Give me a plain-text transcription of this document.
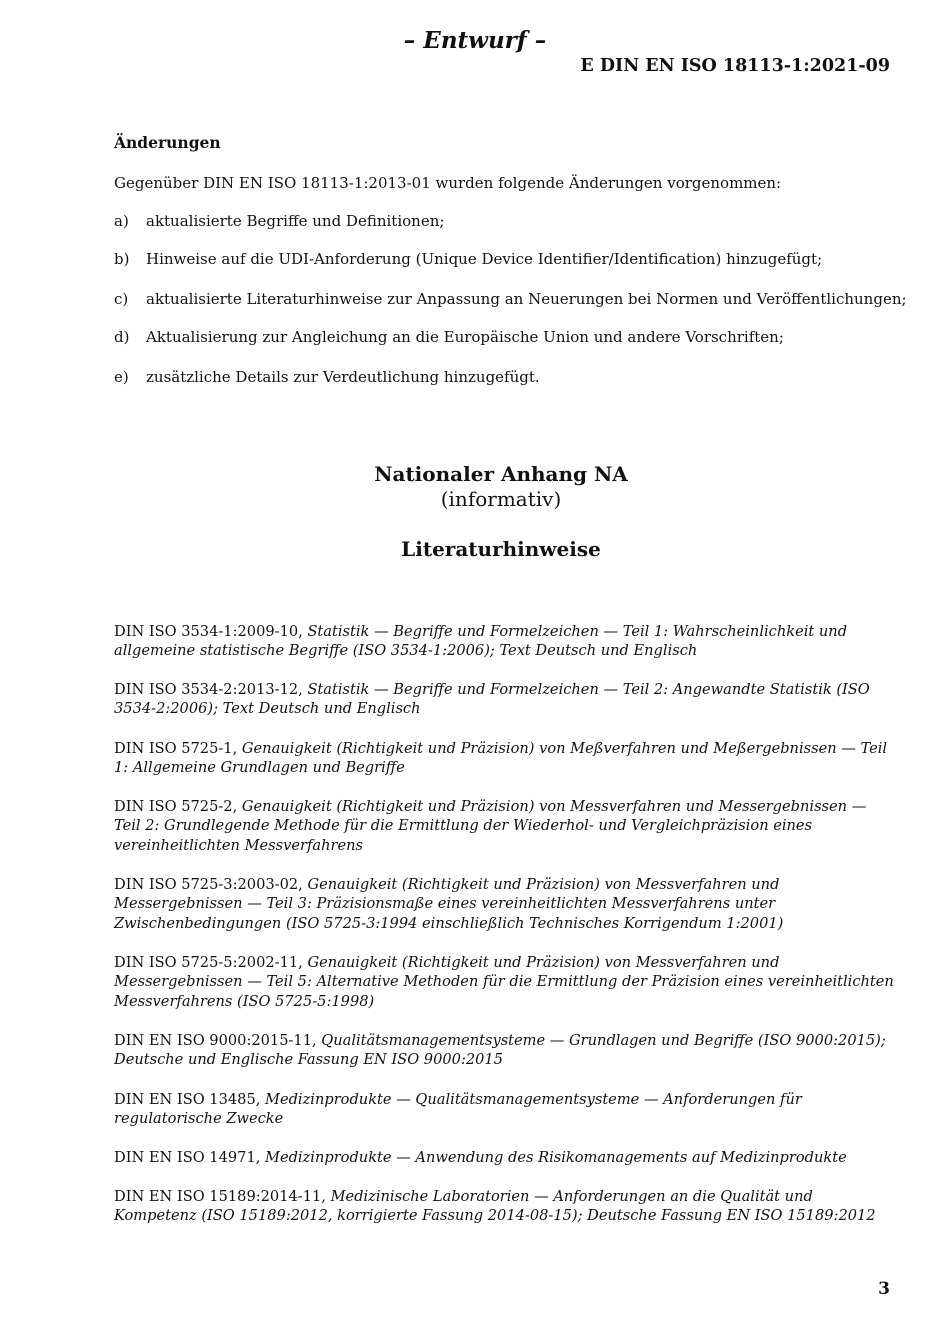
– Entwurf –
E DIN EN ISO 18113-1:2021-09
Änderungen
Gegenüber DIN EN ISO 18113-1:2013-01 wurden folgende Änderungen vorgenommen:
a) aktualisierte Begriffe und Definitionen;
b) Hinweise auf die UDI-Anforderung (Unique Device Identifier/Identification) hinzugefügt;
c) aktualisierte Literaturhinweise zur Anpassung an Neuerungen bei Normen und Veröffentlichungen;
d) Aktualisierung zur Angleichung an die Europäische Union und andere Vorschriften;
e) zusätzliche Details zur Verdeutlichung hinzugefügt.
Nationaler Anhang NA
(informativ)
Literaturhinweise
DIN ISO 3534-1:2009-10, Statistik — Begriffe und Formelzeichen — Teil 1: Wahrscheinlichkeit und allgemeine statistische Begriffe (ISO 3534-1:2006); Text Deutsch und Englisch
DIN ISO 3534-2:2013-12, Statistik — Begriffe und Formelzeichen — Teil 2: Angewandte Statistik (ISO 3534-2:2006); Text Deutsch und Englisch
DIN ISO 5725-1, Genauigkeit (Richtigkeit und Präzision) von Meßverfahren und Meßergebnissen — Teil 1: Allgemeine Grundlagen und Begriffe
DIN ISO 5725-2, Genauigkeit (Richtigkeit und Präzision) von Messverfahren und Messergebnissen — Teil 2: Grundlegende Methode für die Ermittlung der Wiederhol- und Vergleichpräzision eines vereinheitlichten Messverfahrens
DIN ISO 5725-3:2003-02, Genauigkeit (Richtigkeit und Präzision) von Messverfahren und Messergebnissen — Teil 3: Präzisionsmaße eines vereinheitlichten Messverfahrens unter Zwischenbedingungen (ISO 5725-3:1994 einschließlich Technisches Korrigendum 1:2001)
DIN ISO 5725-5:2002-11, Genauigkeit (Richtigkeit und Präzision) von Messverfahren und Messergebnissen — Teil 5: Alternative Methoden für die Ermittlung der Präzision eines vereinheitlichten Messverfahrens (ISO 5725-5:1998)
DIN EN ISO 9000:2015-11, Qualitätsmanagementsysteme — Grundlagen und Begriffe (ISO 9000:2015); Deutsche und Englische Fassung EN ISO 9000:2015
DIN EN ISO 13485, Medizinprodukte — Qualitätsmanagementsysteme — Anforderungen für regulatorische Zwecke
DIN EN ISO 14971, Medizinprodukte — Anwendung des Risikomanagements auf Medizinprodukte
DIN EN ISO 15189:2014-11, Medizinische Laboratorien — Anforderungen an die Qualität und Kompetenz (ISO 15189:2012, korrigierte Fassung 2014-08-15); Deutsche Fassung EN ISO 15189:2012
3
